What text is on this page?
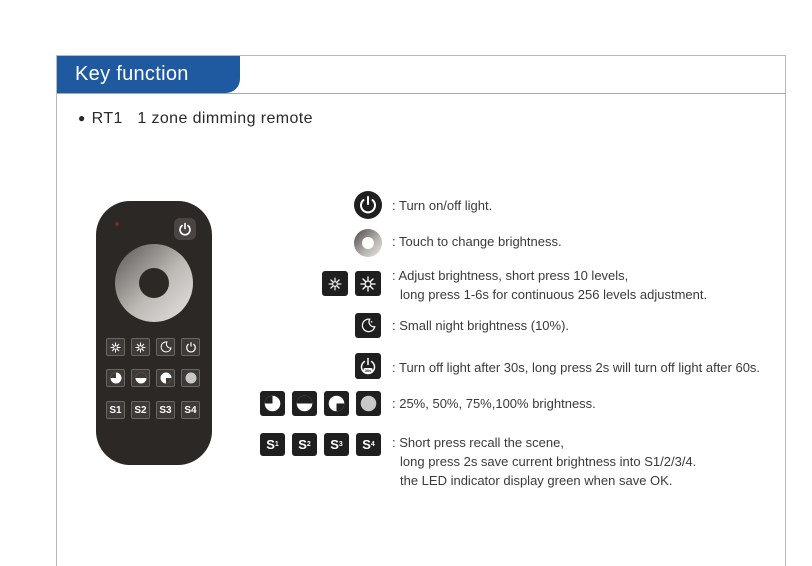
Key function
● RT1 1 zone dimming remote
S1 S2 S3 S4
: Turn on/off light.
: Touch to change brightness.
: Adjust brightness, short press 10 levels,
long press 1-6s for continuous 256 levels adjustment.
: Small night brightness (10%).
30s : Turn off light after 30s, long press 2s will turn off light after 60s.
: 25%, 50%, 75%,100% brightness.
S 1 S 2 S 3 S 4 : Short press recall the scene,
long press 2s save current brightness into S1/2/3/4.
the LED indicator display green when save OK.
